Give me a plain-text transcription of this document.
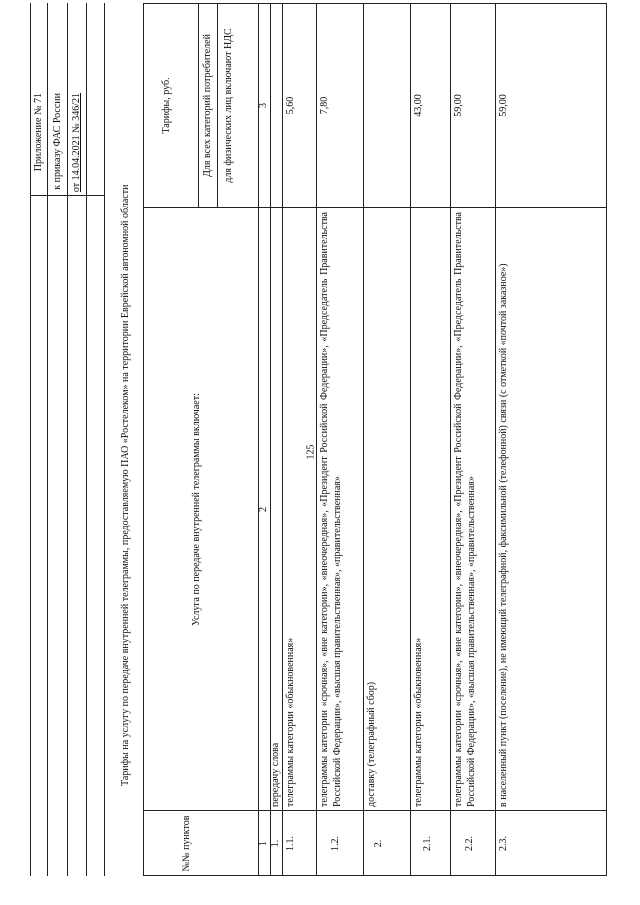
125
Приложение № 71 к приказу ФАС России от 14.04.2021 № 346/21
Тарифы на услугу по передаче внутренней телеграммы, предоставляемую ПАО «Ростелеком» на территории Еврейской автономной области
№№ пунктов
Услуга по передаче внутренней телеграммы включает:
Тарифы, руб.	Для всех категорий потребителей	для физических лиц включают НДС
1
2
3
1.
передачу слова
1.1.
телеграммы категории «обыкновенная»
5,60
1.2.
телеграммы категории «срочная», «вне категории», «внеочередная», «Президент Российской Федерации», «Председатель Правительства Российской Федерации», «высшая правительственная», «правительственная»
7,80
2.
доставку (телеграфный сбор)
2.1.
телеграммы категории «обыкновенная»
43,00
2.2.
телеграммы категории «срочная», «вне категории», «внеочередная», «Президент Российской Федерации», «Председатель Правительства Российской Федерации», «высшая правительственная», «правительственная»
59,00
2.3.
в населенный пункт (поселение), не имеющий телеграфной, факсимильной (телефонной) связи (с отметкой «почтой заказное»)
59,00
